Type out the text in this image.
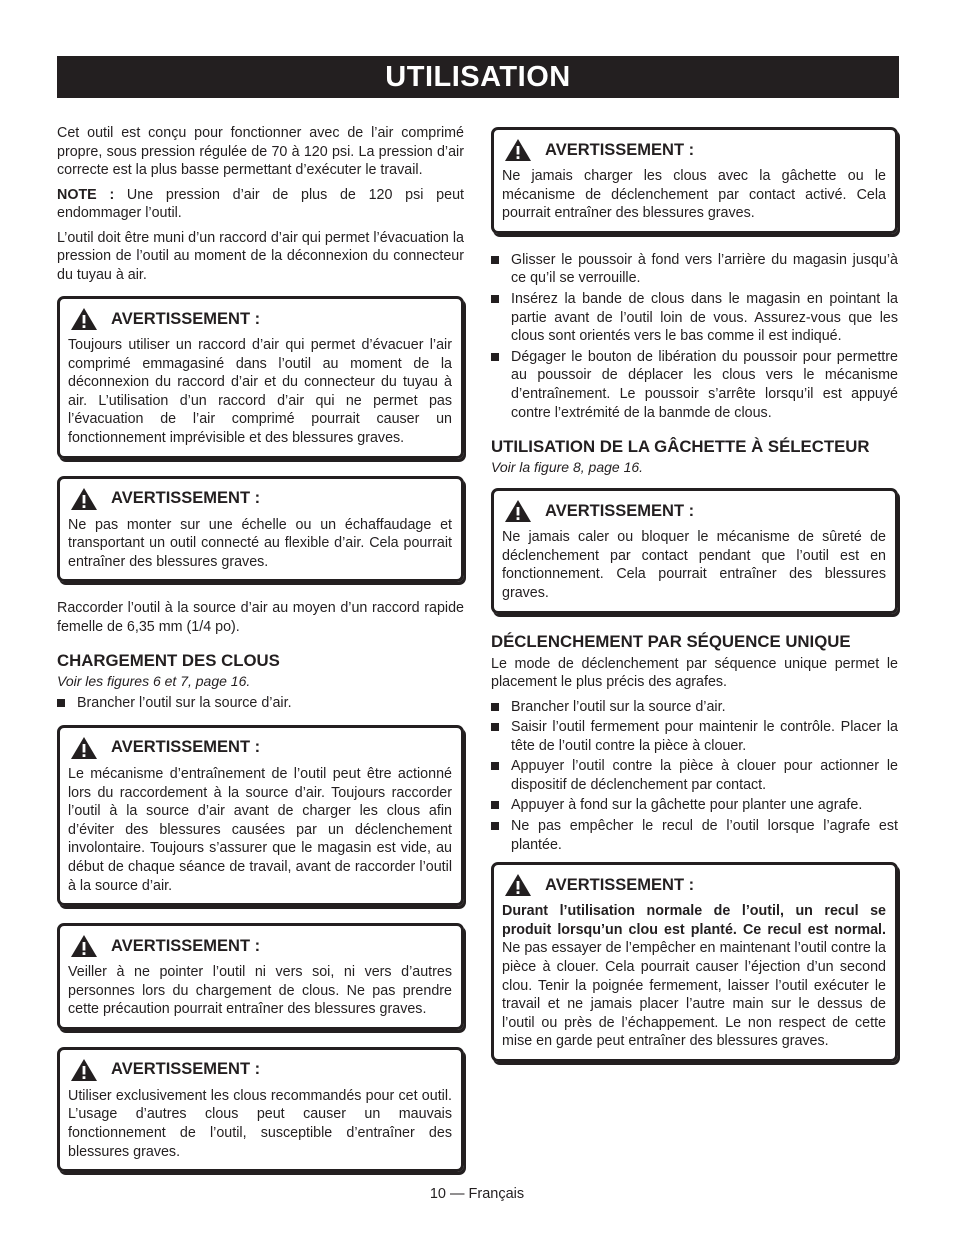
UTILISATION

Cet outil est conçu pour fonctionner avec de l’air comprimé propre, sous pression régulée de 70 à 120 psi. La pression d’air correcte est la plus basse permettant d’exécuter le travail.

NOTE : Une pression d’air de plus de 120 psi peut endommager l’outil.

L’outil doit être muni d’un raccord d’air qui permet l’évacuation la pression de l’outil au moment de la déconnexion du connecteur du tuyau à air.

AVERTISSEMENT :

Toujours utiliser un raccord d’air qui permet d’évacuer l’air comprimé emmagasiné dans l’outil au moment de la déconnexion du raccord d’air et du connecteur du tuyau à air. L’utilisation d’un raccord d’air qui ne permet pas l’évacuation de l’air comprimé pourrait causer un fonctionnement imprévisible et des blessures graves.

AVERTISSEMENT :

Ne pas monter sur une échelle ou un échaffaudage et transportant un outil connecté au flexible d’air. Cela pourrait entraîner des blessures graves.

Raccorder l’outil à la source d’air au moyen d’un raccord rapide femelle de 6,35 mm (1/4 po).

CHARGEMENT DES CLOUS

Voir les figures 6 et 7, page 16.

Brancher l’outil sur la source d’air.
AVERTISSEMENT :

Le mécanisme d’entraînement de l’outil peut être actionné lors du raccordement à la source d’air. Toujours raccorder l’outil à la source d’air avant de charger les clous afin d’éviter des blessures causées par un déclenchement involontaire. Toujours s’assurer que le magasin est vide, au début de chaque séance de travail, avant de raccorder l’outil à la source d’air.

AVERTISSEMENT :

Veiller à ne pointer l’outil ni vers soi, ni vers d’autres personnes lors du chargement de clous. Ne pas prendre cette précaution pourrait entraîner des blessures graves.

AVERTISSEMENT :

Utiliser exclusivement les clous recommandés pour cet outil. L’usage d’autres clous peut causer un mauvais fonctionnement de l’outil, susceptible d’entraîner des blessures graves.

AVERTISSEMENT :

Ne jamais charger les clous avec la gâchette ou le mécanisme de déclenchement par contact activé. Cela pourrait entraîner des blessures graves.

Glisser le poussoir à fond vers l’arrière du magasin jusqu’à ce qu’il se verrouille.
Insérez la bande de clous dans le magasin en pointant la partie avant de l’outil loin de vous. Assurez-vous que les clous sont orientés vers le bas comme il est indiqué.
Dégager le bouton de libération du poussoir pour permettre au poussoir de déplacer les clous vers le mécanisme d’entraînement. Le poussoir s’arrête lorsqu’il est appuyé contre l’extrémité de la banmde de clous.
UTILISATION DE LA GÂCHETTE À SÉLECTEUR

Voir la figure 8, page 16.

AVERTISSEMENT :

Ne jamais caler ou bloquer le mécanisme de sûreté de déclenchement par contact pendant que l’outil est en fonctionnement. Cela pourrait entraîner des blessures graves.

DÉCLENCHEMENT PAR SÉQUENCE UNIQUE

Le mode de déclenchement par séquence unique permet le placement le plus précis des agrafes.

Brancher l’outil sur la source d’air.
Saisir l’outil fermement pour maintenir le contrôle. Placer la tête de l’outil contre la pièce à clouer.
Appuyer l’outil contre la pièce à clouer pour actionner le dispositif de déclenchement par contact.
Appuyer à fond sur la gâchette pour planter une agrafe.
Ne pas empêcher le recul de l’outil lorsque l’agrafe est plantée.
AVERTISSEMENT :

Durant l’utilisation normale de l’outil, un recul se produit lorsqu’un clou est planté. Ce recul est normal. Ne pas essayer de l’empêcher en maintenant l’outil contre la pièce à clouer. Cela pourrait causer l’éjection d’un second clou. Tenir la poignée fermement, laisser l’outil exécuter le travail et ne jamais placer l’autre main sur le dessus de l’outil ou près de l’échappement. Le non respect de cette mise en garde peut entraîner des blessures graves.

10 — Français
